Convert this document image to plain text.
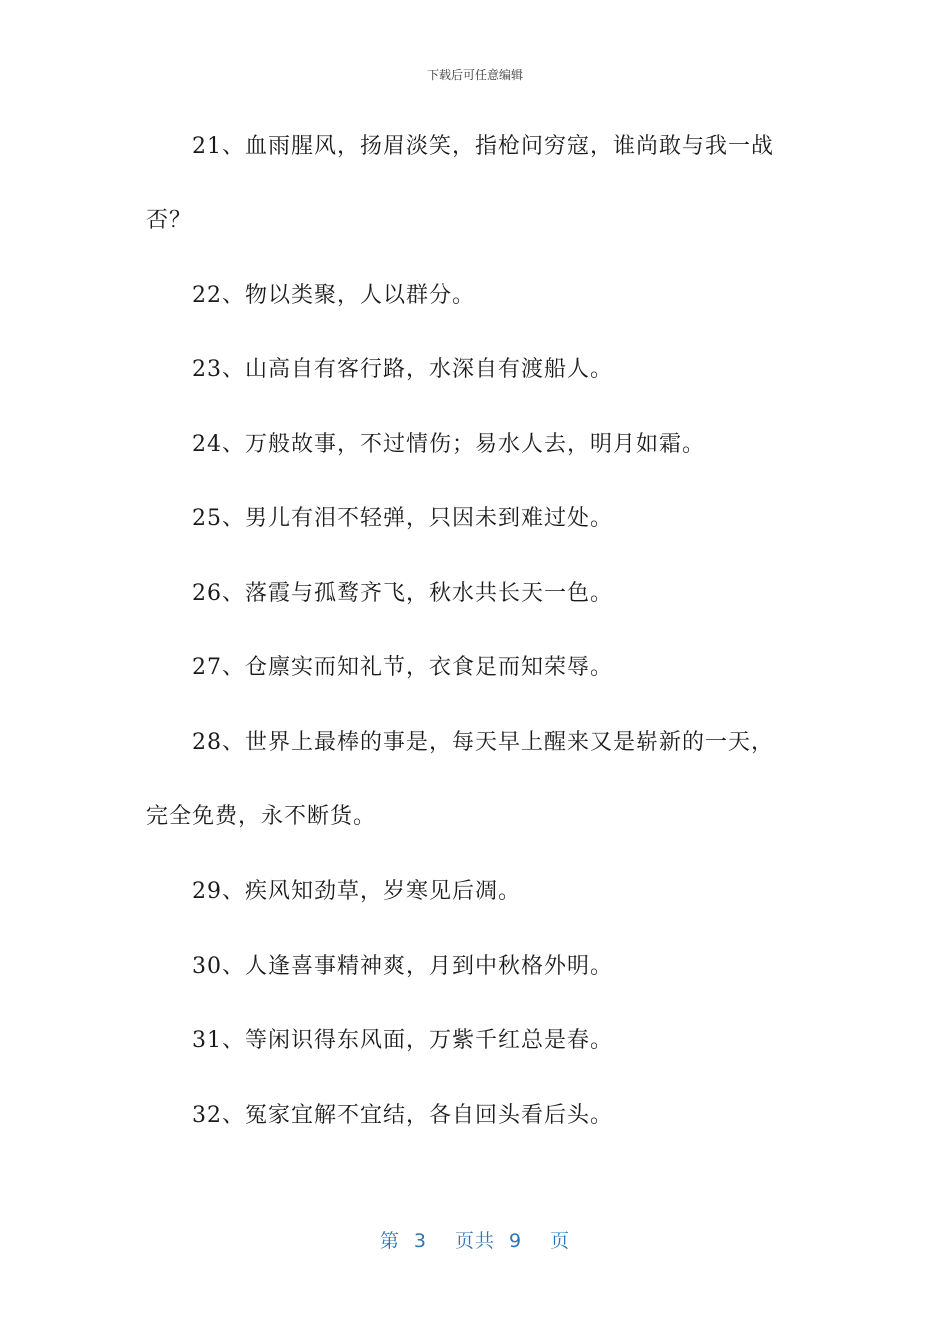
下载后可任意编辑
21、血雨腥风，扬眉淡笑，指枪问穷寇，谁尚敢与我一战
否？
22、物以类聚，人以群分。
23、山高自有客行路，水深自有渡船人。
24、万般故事，不过情伤；易水人去，明月如霜。
25、男儿有泪不轻弹，只因未到难过处。
26、落霞与孤鹜齐飞，秋水共长天一色。
27、仓廪实而知礼节，衣食足而知荣辱。
28、世界上最棒的事是，每天早上醒来又是崭新的一天，
完全免费，永不断货。
29、疾风知劲草，岁寒见后凋。
30、人逢喜事精神爽，月到中秋格外明。
31、等闲识得东风面，万紫千红总是春。
32、冤家宜解不宜结，各自回头看后头。
第 3 页共 9 页
